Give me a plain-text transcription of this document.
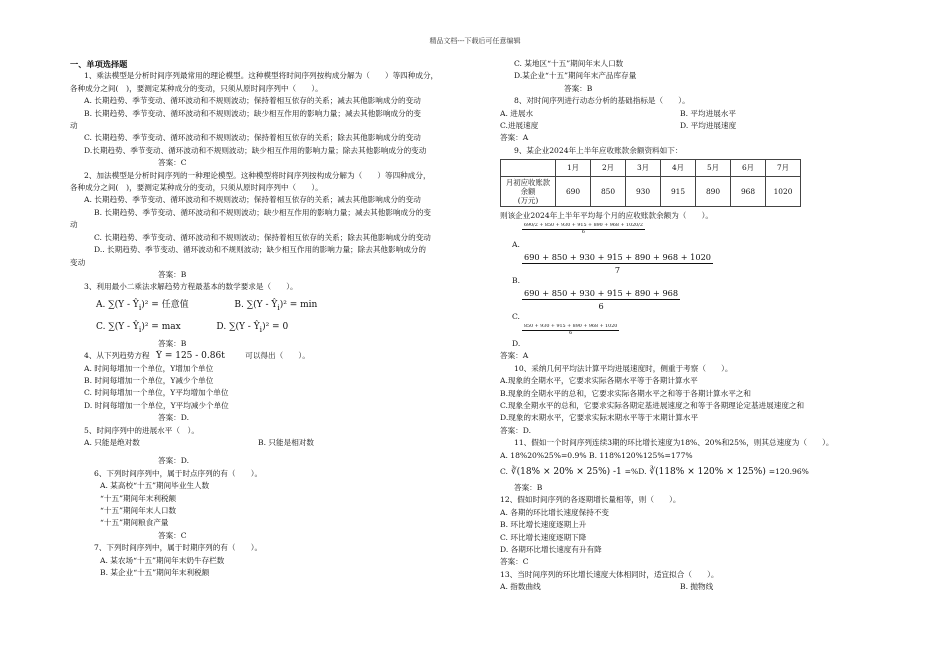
精品文档---下载后可任意编辑
一、单项选择题
1、乘法模型是分析时间序列最常用的理论模型。这种模型将时间序列按构成分解为（　　）等四种成分，
各种成分之间(　)，要测定某种成分的变动，只须从原时间序列中（　　）。
A. 长期趋势、季节变动、循环波动和不规则波动；保持着相互依存的关系；减去其他影响成分的变动
B. 长期趋势、季节变动、循环波动和不规则波动；缺少相互作用的影响力量；减去其他影响成分的变
动
C. 长期趋势、季节变动、循环波动和不规则波动；保持着相互依存的关系；除去其他影响成分的变动
D.长期趋势、季节变动、循环波动和不规则波动；缺少相互作用的影响力量；除去其他影响成分的变动
答案：C
2、加法模型是分析时间序列的一种理论模型。这种模型将时间序列按构成分解为（　　）等四种成分，
各种成分之间(　)，要测定某种成分的变动，只须从原时间序列中（　　）。
A. 长期趋势、季节变动、循环波动和不规则波动；保持着相互依存的关系；减去其他影响成分的变动
B. 长期趋势、季节变动、循环波动和不规则波动；缺少相互作用的影响力量；减去其他影响成分的变
动
C. 长期趋势、季节变动、循环波动和不规则波动；保持着相互依存的关系；除去其他影响成分的变动
D.. 长期趋势、季节变动、循环波动和不规则波动；缺少相互作用的影响力量；除去其他影响成分的
变动
答案：B
3、利用最小二乘法求解趋势方程最基本的数学要求是（　　）。
A. $\sum(Y - Ŷ_i)^2$ = 任意值	B. $\sum(Y - Ŷ_i)^2 = \min$
C. $\sum(Y - Ŷ_i)^2 = \max$	D. $\sum(Y - Ŷ_i)^2 = 0$
答案：B
4、从下列趋势方程 Ŷ = 125 - 0.86t	可以得出（　　）。
A. 时间每增加一个单位，Y增加个单位
B. 时间每增加一个单位，Y减少个单位
C. 时间每增加一个单位，Y平均增加个单位
D. 时间每增加一个单位，Y平均减少个单位
答案：D.
5、时间序列中的进展水平（　）。
A. 只能是绝对数	B. 只能是相对数
答案：D.
6、下列时间序列中，属于时点序列的有（　　）。
A. 某高校“十五”期间毕业生人数
“十五”期间年末利税额
“十五”期间年末人口数
“十五”期间粮食产量
答案：C
7、下列时间序列中，属于时期序列的有（　　）。
A. 某农场“十五”期间年末奶牛存栏数
B. 某企业“十五”期间年末利税额
C. 某地区“十五”期间年末人口数
D.某企业“十五”期间年末产品库存量
答案：B
8、对时间序列进行动态分析的基础指标是（　　）。
A. 进展水	B. 平均进展水平
C.进展速度	D. 平均进展速度
答案：A
9、某企业2024年上半年应收账款余额资料如下：
	1月	2月	3月	4月	5月	6月	7月

月初应收账款余额
(万元)	690	850	930	915	890	968	1020
则该企业2024年上半年平均每个月的应收账款余额为（　　）。
$\frac{690/2 + 850 + 930 + 915 + 890 + 968 + 1020/2}{6}$
A.
$\frac{690 + 850 + 930 + 915 + 890 + 968 + 1020}{7}$
B.
$\frac{690 + 850 + 930 + 915 + 890 + 968}{6}$
C.
$\frac{850 + 930 + 915 + 890 + 968 + 1020}{6}$
D.
答案：A
10、采纳几何平均法计算平均进展速度时，侧重于考察（　　）。
A.现象的全期水平，它要求实际各期水平等于各期计算水平
B.现象的全期水平的总和，它要求实际各期水平之和等于各期计算水平之和
C.现象全期水平的总和，它要求实际各期定基进展速度之和等于各期理论定基进展速度之和
D.现象的末期水平，它要求实际末期水平等于末期计算水平
答案：D.
11、假如一个时间序列连续3期的环比增长速度为18%、20%和25%，则其总速度为（　　）。
A. 18%20%25%=0.9% B. 118%120%125%=177%
C. ∛(18% × 20% × 25%) -1 =%D. ∛(118% × 120% × 125%) =120.96%
答案：B
12、假如时间序列的各逐期增长量相等，则（　　）。
A. 各期的环比增长速度保持不变
B. 环比增长速度逐期上升
C. 环比增长速度逐期下降
D. 各期环比增长速度有升有降
答案：C
13、当时间序列的环比增长速度大体相同时，适宜拟合（　　）。
A. 指数曲线	B. 抛物线
